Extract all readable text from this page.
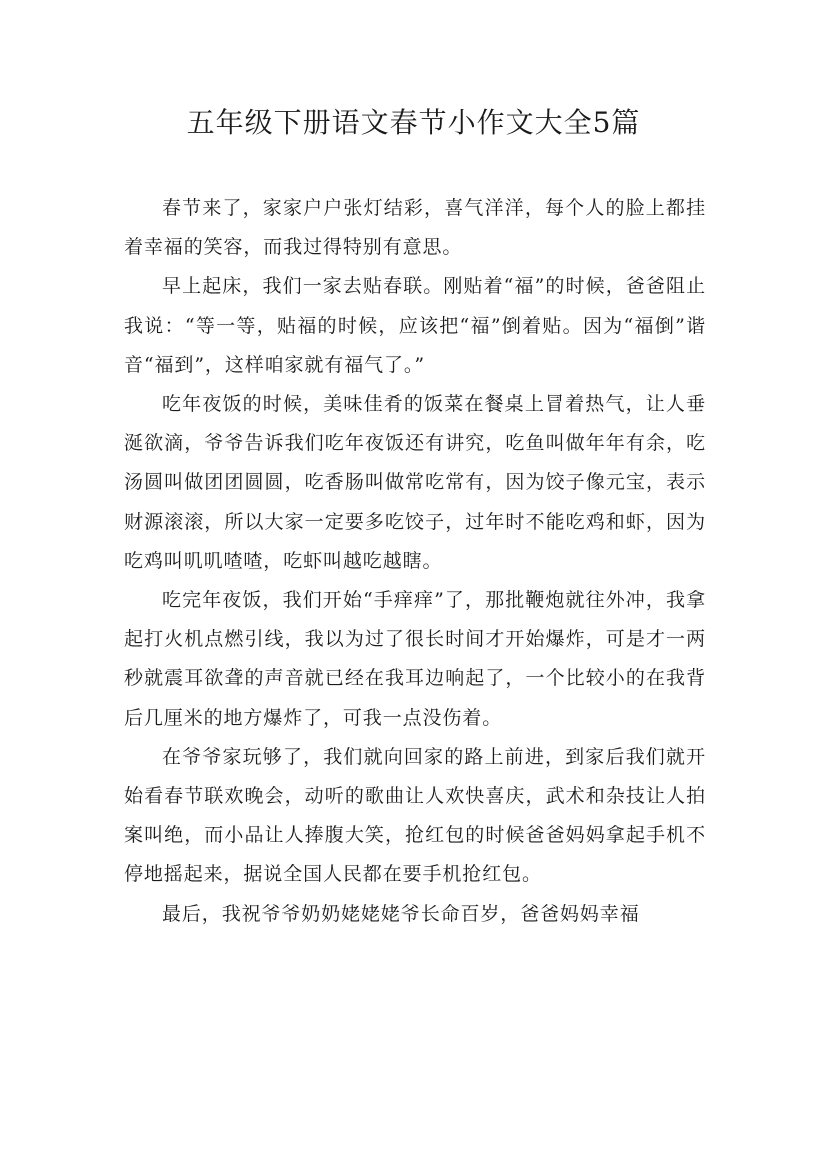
五年级下册语文春节小作文大全5篇

春节来了，家家户户张灯结彩，喜气洋洋，每个人的脸上都挂着幸福的笑容，而我过得特别有意思。

早上起床，我们一家去贴春联。刚贴着“福”的时候，爸爸阻止我说：“等一等，贴福的时候，应该把“福”倒着贴。因为“福倒”谐音“福到”，这样咱家就有福气了。”

吃年夜饭的时候，美味佳肴的饭菜在餐桌上冒着热气，让人垂涎欲滴，爷爷告诉我们吃年夜饭还有讲究，吃鱼叫做年年有余，吃汤圆叫做团团圆圆，吃香肠叫做常吃常有，因为饺子像元宝，表示财源滚滚，所以大家一定要多吃饺子，过年时不能吃鸡和虾，因为吃鸡叫叽叽喳喳，吃虾叫越吃越瞎。

吃完年夜饭，我们开始“手痒痒”了，那批鞭炮就往外冲，我拿起打火机点燃引线，我以为过了很长时间才开始爆炸，可是才一两秒就震耳欲聋的声音就已经在我耳边响起了，一个比较小的在我背后几厘米的地方爆炸了，可我一点没伤着。

在爷爷家玩够了，我们就向回家的路上前进，到家后我们就开始看春节联欢晚会，动听的歌曲让人欢快喜庆，武术和杂技让人拍案叫绝，而小品让人捧腹大笑，抢红包的时候爸爸妈妈拿起手机不停地摇起来，据说全国人民都在要手机抢红包。

最后，我祝爷爷奶奶姥姥姥爷长命百岁，爸爸妈妈幸福
